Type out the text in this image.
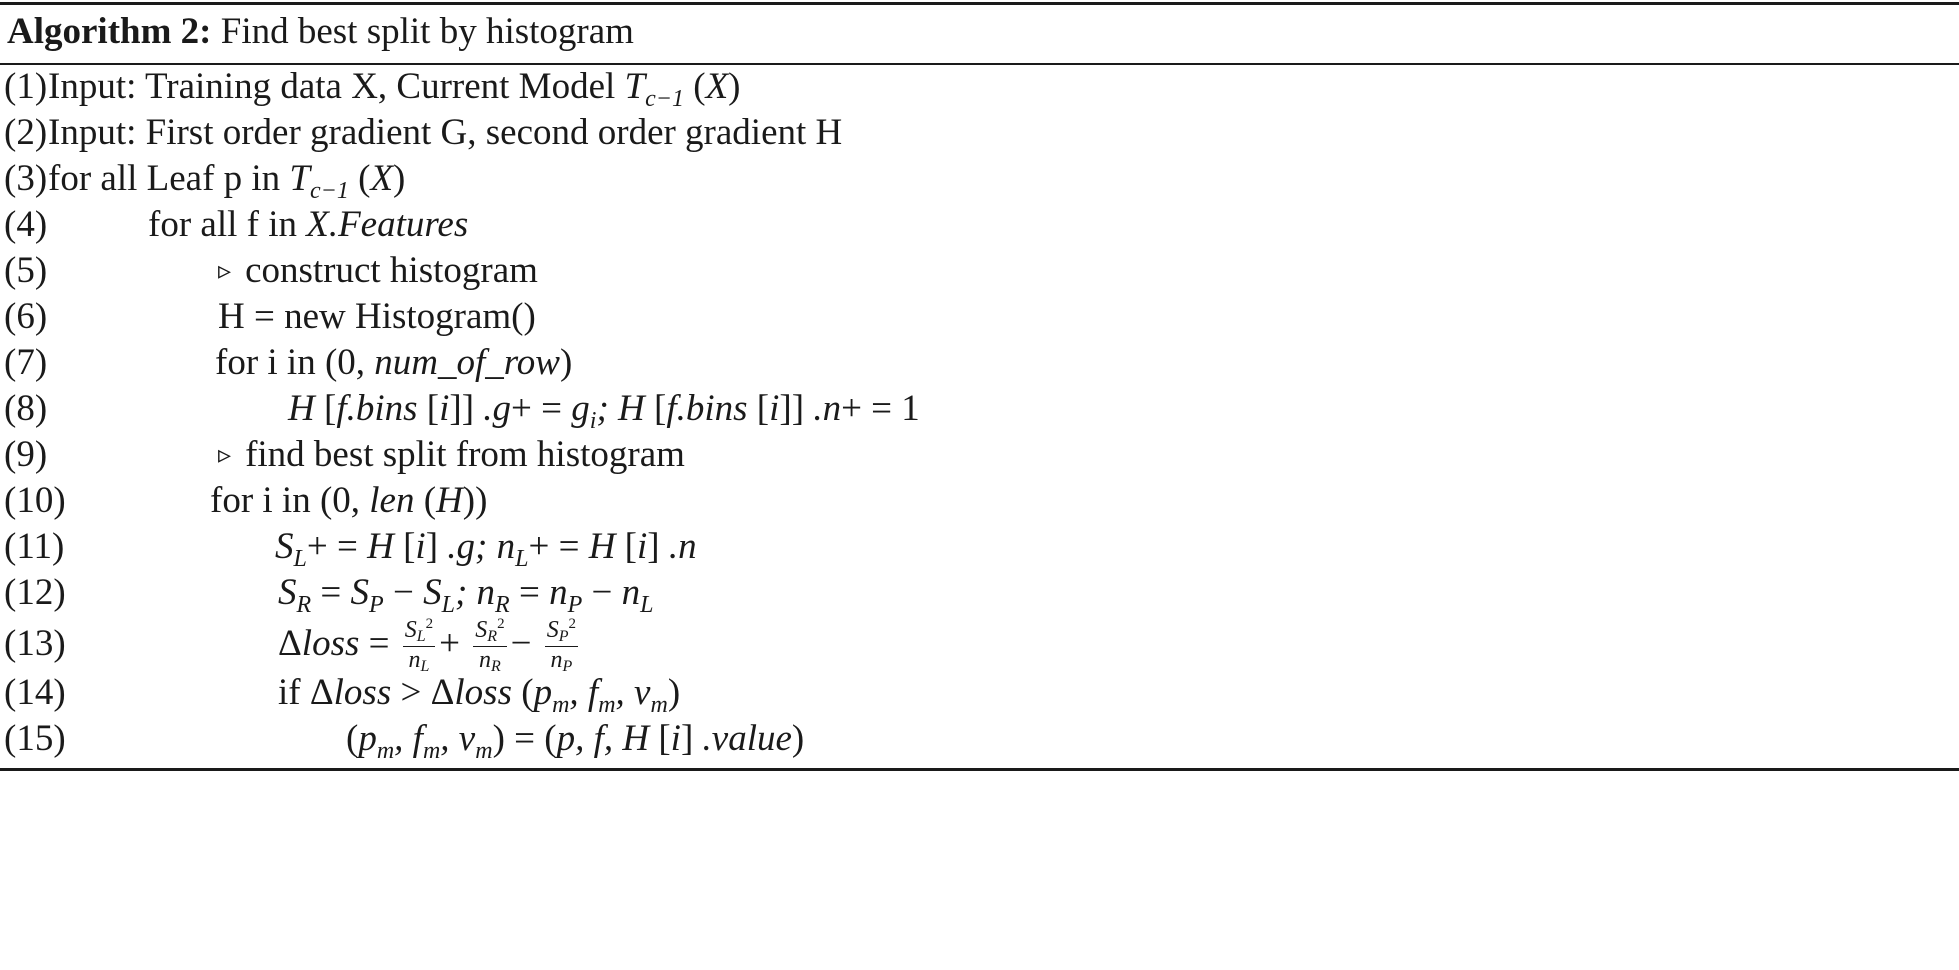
Algorithm 2: Find best split by histogram
(1) Input: Training data X, Current Model $T_{c-1}$ (X)
(2) Input: First order gradient G, second order gradient H
(3) for all Leaf p in $T_{c-1}$ (X)
(4)	for all f in X.Features
(5)	▹ construct histogram
(6)	H = new Histogram()
(7)	for i in (0, num_of_row)
(8)	H [f.bins [i]] $.g+ = g_i$; H [f.bins [i]] .n+ = 1
(9)	▹ find best split from histogram
(10)	for i in (0, len (H))
(11)	$S_L+ = H$ [i] .g; $n_L+ = H$ [i] .n
(12)	$S_R = S_P - S_L$; $n_R = n_P - n_L$
(13)	Δloss = $\frac{SL^2}{nL} + \frac{SR^2}{nR} - \frac{SP^2}{nP}$
(14)	if Δloss > Δloss ($p_m$, $f_m$, $v_m$)
(15)	($p_m$, $f_m$, $v_m) = (p$, f, H [i] .value)
